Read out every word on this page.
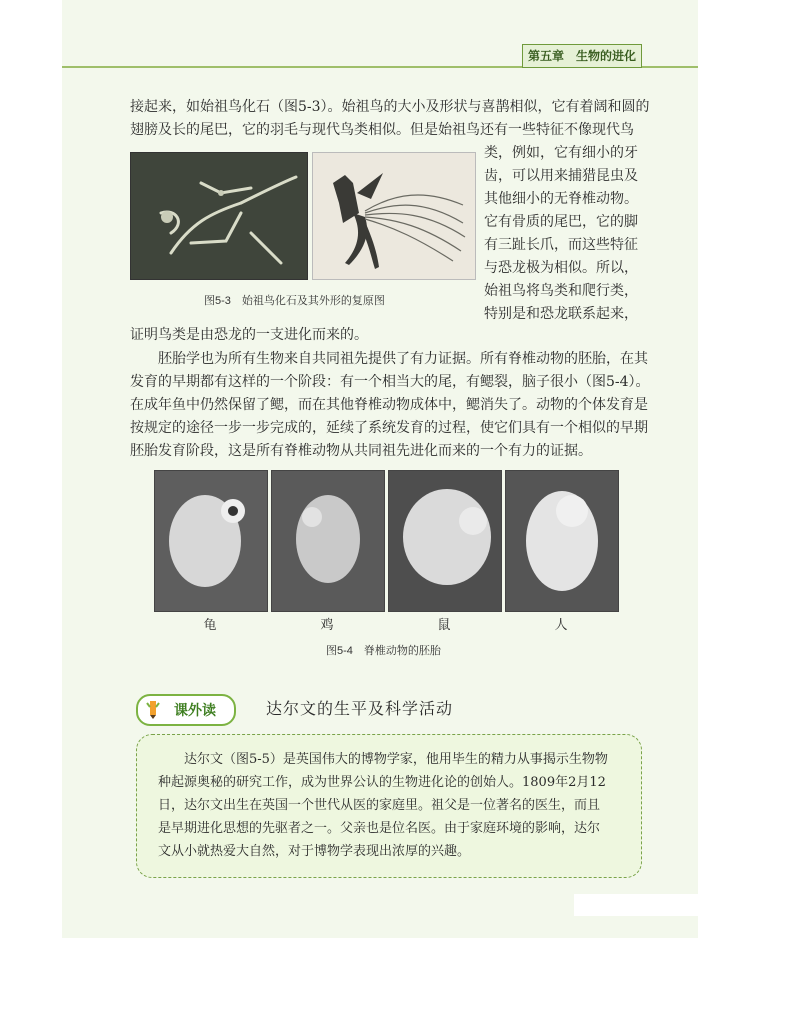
第五章　生物的进化
接起来，如始祖鸟化石（图5-3）。始祖鸟的大小及形状与喜鹊相似，它有着阔和圆的
翅膀及长的尾巴，它的羽毛与现代鸟类相似。但是始祖鸟还有一些特征不像现代鸟
类，例如，它有细小的牙
齿，可以用来捕猎昆虫及
其他细小的无脊椎动物。
它有骨质的尾巴，它的脚
有三趾长爪，而这些特征
与恐龙极为相似。所以，
始祖鸟将鸟类和爬行类，
特别是和恐龙联系起来，
图5-3　始祖鸟化石及其外形的复原图
证明鸟类是由恐龙的一支进化而来的。
　　胚胎学也为所有生物来自共同祖先提供了有力证据。所有脊椎动物的胚胎，在其
发育的早期都有这样的一个阶段：有一个相当大的尾，有鳃裂，脑子很小（图5-4）。
在成年鱼中仍然保留了鳃，而在其他脊椎动物成体中，鳃消失了。动物的个体发育是
按规定的途径一步一步完成的，延续了系统发育的过程，使它们具有一个相似的早期
胚胎发育阶段，这是所有脊椎动物从共同祖先进化而来的一个有力的证据。
龟	鸡	鼠	人
图5-4　脊椎动物的胚胎
课外读	达尔文的生平及科学活动
　　达尔文（图5-5）是英国伟大的博物学家，他用毕生的精力从事揭示生物物
种起源奥秘的研究工作，成为世界公认的生物进化论的创始人。1809年2月12
日，达尔文出生在英国一个世代从医的家庭里。祖父是一位著名的医生，而且
是早期进化思想的先驱者之一。父亲也是位名医。由于家庭环境的影响，达尔
文从小就热爱大自然，对于博物学表现出浓厚的兴趣。
